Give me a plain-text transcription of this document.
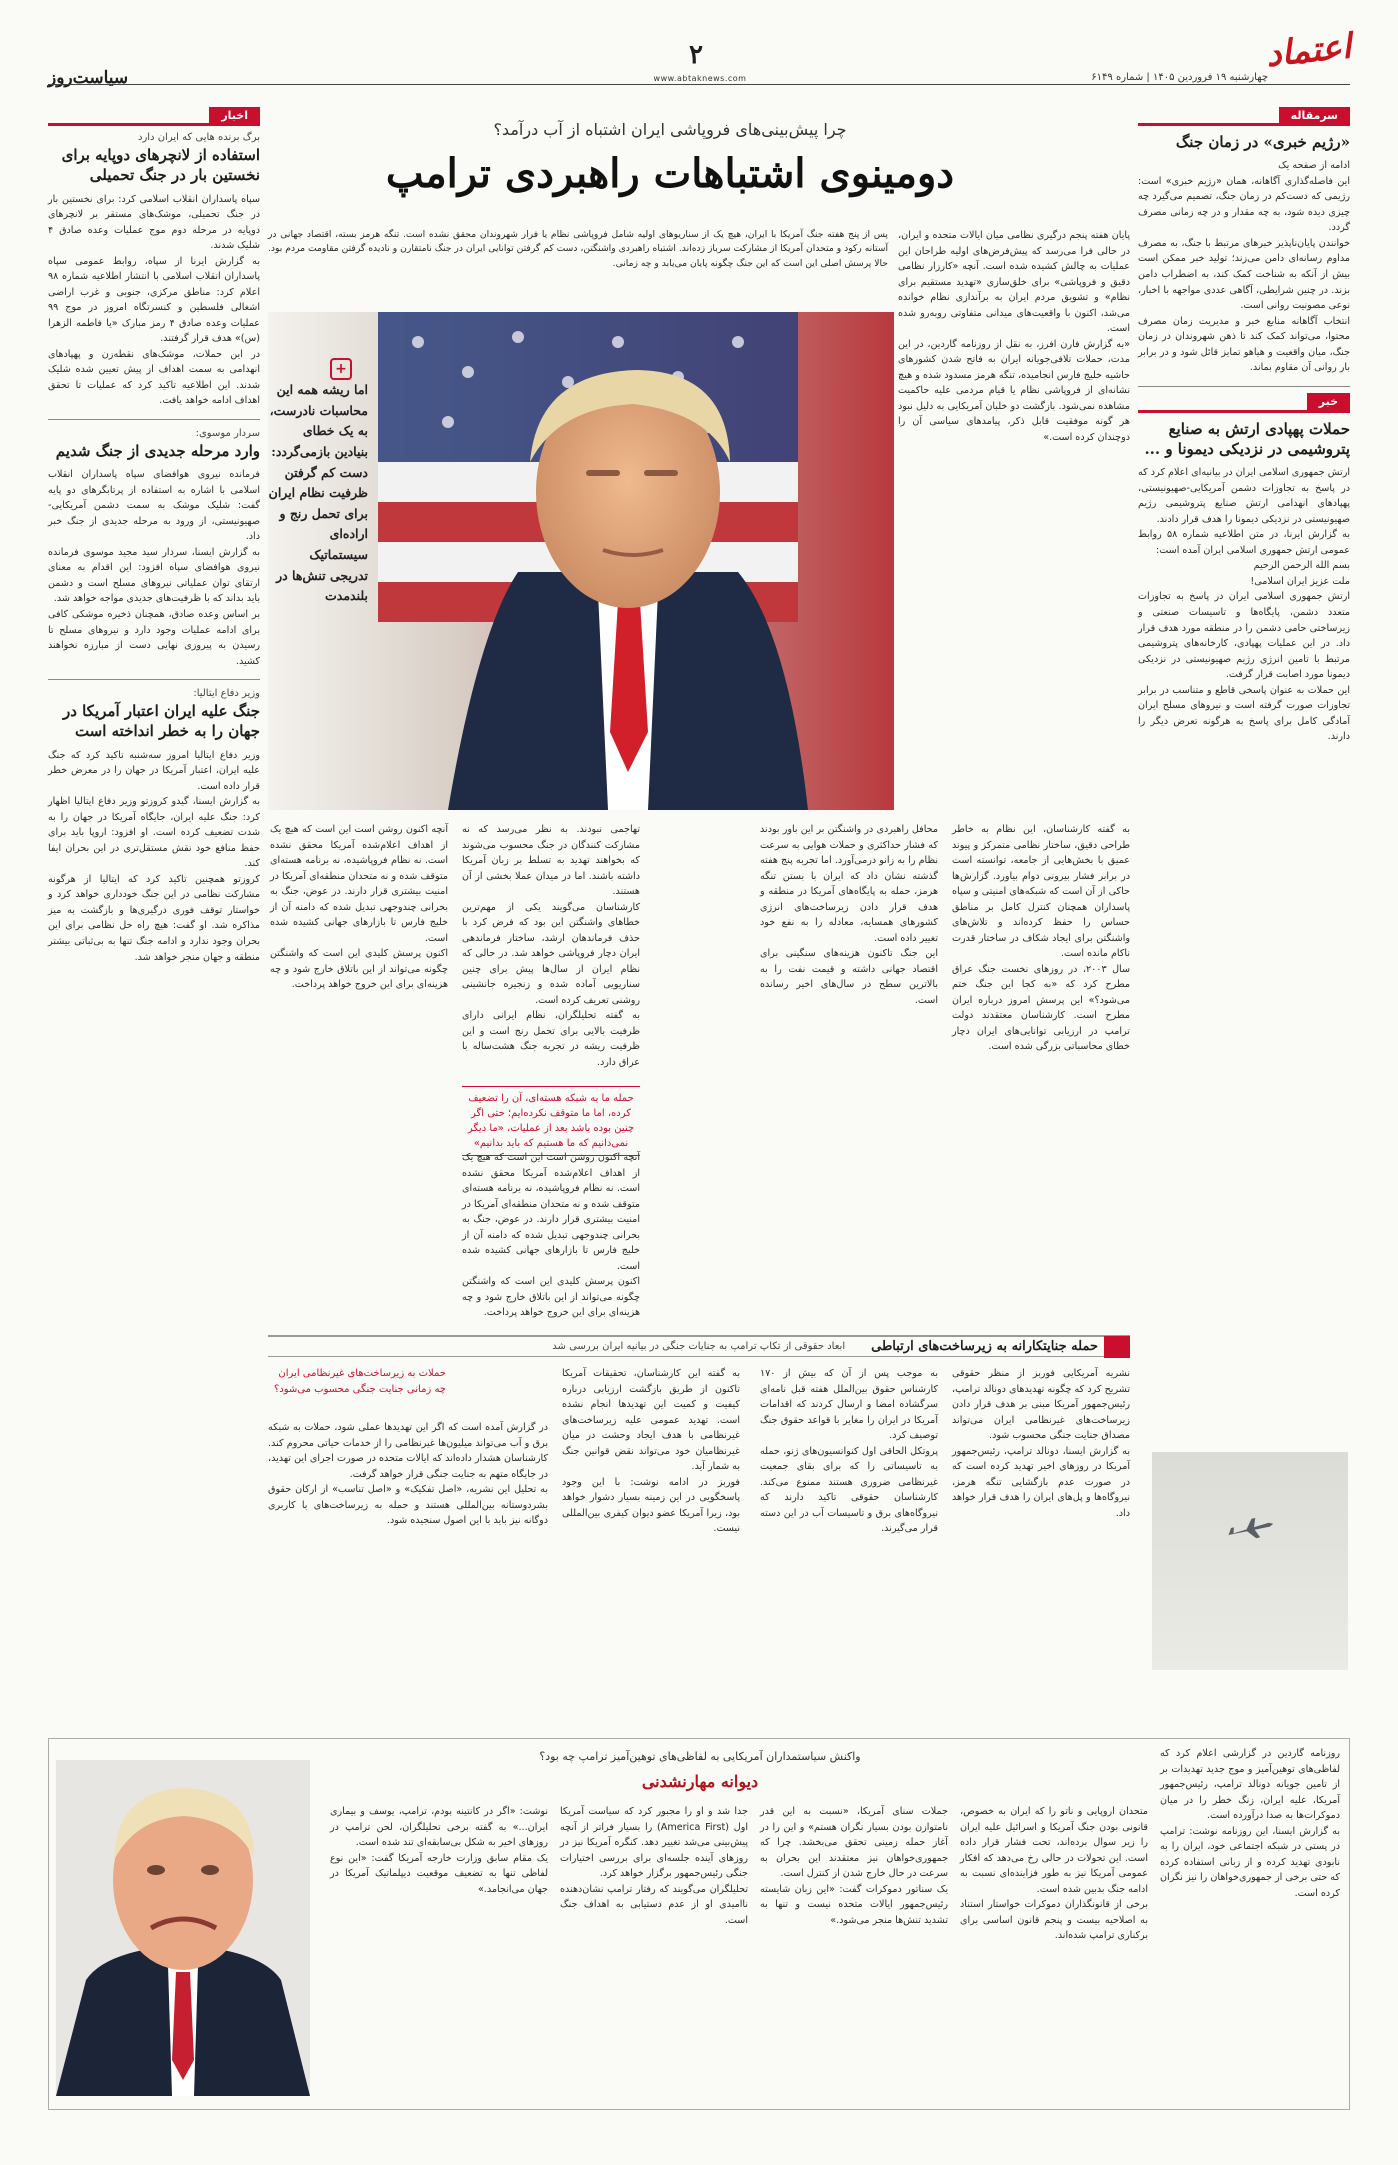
اعتماد
چهارشنبه ۱۹ فروردین ۱۴۰۵ | شماره ۶۱۴۹
۲
www.abtaknews.com
سیاست‌روز
سرمقاله
«رژیم خبری» در زمان جنگ
ادامه از صفحه یک
این فاصله‌گذاری آگاهانه، همان «رژیم خبری» است: رژیمی که دست‌کم در زمان جنگ، تصمیم می‌گیرد چه چیزی دیده شود، به چه مقدار و در چه زمانی مصرف گردد.
خوانندن پایان‌ناپذیر خبرهای مرتبط با جنگ، به مصرف مداوم رسانه‌ای دامن می‌زند؛ تولید خبر ممکن است بیش از آنکه به شناخت کمک کند، به اضطراب دامن بزند. در چنین شرایطی، آگاهی عددی مواجهه با اخبار، نوعی مصونیت روانی است.
انتخاب آگاهانه منابع خبر و مدیریت زمان مصرف محتوا، می‌تواند کمک کند تا ذهن شهروندان در زمان جنگ، میان واقعیت و هیاهو تمایز قائل شود و در برابر بار روانی آن مقاوم بماند.
خبر
حملات پهپادی ارتش به صنایع پتروشیمی در نزدیکی دیمونا و ...
ارتش جمهوری اسلامی ایران در بیانیه‌ای اعلام کرد که در پاسخ به تجاوزات دشمن آمریکایی-صهیونیستی، پهپادهای انهدامی ارتش صنایع پتروشیمی رژیم صهیونیستی در نزدیکی دیمونا را هدف قرار دادند.
به گزارش ایرنا، در متن اطلاعیه شماره ۵۸ روابط عمومی ارتش جمهوری اسلامی ایران آمده است:
بسم الله الرحمن الرحیم
ملت عزیز ایران اسلامی!
ارتش جمهوری اسلامی ایران در پاسخ به تجاوزات متعدد دشمن، پایگاه‌ها و تاسیسات صنعتی و زیرساختی حامی دشمن را در منطقه مورد هدف قرار داد. در این عملیات پهپادی، کارخانه‌های پتروشیمی مرتبط با تامین انرژی رژیم صهیونیستی در نزدیکی دیمونا مورد اصابت قرار گرفت.
این حملات به عنوان پاسخی قاطع و متناسب در برابر تجاوزات صورت گرفته است و نیروهای مسلح ایران آمادگی کامل برای پاسخ به هرگونه تعرض دیگر را دارند.
اخبار
برگ برنده هایی که ایران دارد
استفاده از لانچرهای دوپایه برای نخستین بار در جنگ تحمیلی
سپاه پاسداران انقلاب اسلامی کرد: برای نخستین بار در جنگ تحمیلی، موشک‌های مستقر بر لانچرهای دوپایه در مرحله دوم موج عملیات وعده صادق ۴ شلیک شدند.
به گزارش ایرنا از سپاه، روابط عمومی سپاه پاسداران انقلاب اسلامی با انتشار اطلاعیه شماره ۹۸ اعلام کرد: مناطق مرکزی، جنوبی و غرب اراضی اشغالی فلسطین و کنسرتگاه امروز در موج ۹۹ عملیات وعده صادق ۴ رمز مبارک «یا فاطمه الزهرا (س)» هدف قرار گرفتند.
در این حملات، موشک‌های نقطه‌زن و پهپادهای انهدامی به سمت اهداف از پیش تعیین شده شلیک شدند. این اطلاعیه تاکید کرد که عملیات تا تحقق اهداف ادامه خواهد یافت.
سردار موسوی:
وارد مرحله جدیدی از جنگ شدیم
فرمانده نیروی هوافضای سپاه پاسداران انقلاب اسلامی با اشاره به استفاده از پرتابگرهای دو پایه گفت: شلیک موشک به سمت دشمن آمریکایی-صهیونیستی، از ورود به مرحله جدیدی از جنگ خبر داد.
به گزارش ایسنا، سردار سید مجید موسوی فرمانده نیروی هوافضای سپاه افزود: این اقدام به معنای ارتقای توان عملیاتی نیروهای مسلح است و دشمن باید بداند که با ظرفیت‌های جدیدی مواجه خواهد شد.
بر اساس وعده صادق، همچنان ذخیره موشکی کافی برای ادامه عملیات وجود دارد و نیروهای مسلح تا رسیدن به پیروزی نهایی دست از مبارزه نخواهند کشید.
وزیر دفاع ایتالیا:
جنگ علیه ایران اعتبار آمریکا در جهان را به خطر انداخته است
وزیر دفاع ایتالیا امروز سه‌شنبه تاکید کرد که جنگ علیه ایران، اعتبار آمریکا در جهان را در معرض خطر قرار داده است.
به گزارش ایسنا، گیدو کروزتو وزیر دفاع ایتالیا اظهار کرد: جنگ علیه ایران، جایگاه آمریکا در جهان را به شدت تضعیف کرده است. او افزود: اروپا باید برای حفظ منافع خود نقش مستقل‌تری در این بحران ایفا کند.
کروزتو همچنین تاکید کرد که ایتالیا از هرگونه مشارکت نظامی در این جنگ خودداری خواهد کرد و خواستار توقف فوری درگیری‌ها و بازگشت به میز مذاکره شد. او گفت: هیچ راه حل نظامی برای این بحران وجود ندارد و ادامه جنگ تنها به بی‌ثباتی بیشتر منطقه و جهان منجر خواهد شد.
چرا پیش‌بینی‌های فروپاشی ایران اشتباه از آب درآمد؟
دومینوی اشتباهات راهبردی ترامپ
پس از پنج هفته جنگ آمریکا با ایران، هیچ یک از سناریوهای اولیه شامل فروپاشی نظام یا فرار شهروندان محقق نشده است. تنگه هرمز بسته، اقتصاد جهانی در آستانه رکود و متحدان آمریکا از مشارکت سرباز زده‌اند. اشتباه راهبردی واشنگتن، دست کم گرفتن توانایی ایران در جنگ نامتقارن و نادیده گرفتن مقاومت مردم بود. حالا پرسش اصلی این است که این جنگ چگونه پایان می‌یابد و چه زمانی.
پایان هفته پنجم درگیری نظامی میان ایالات متحده و ایران، در حالی فرا می‌رسد که پیش‌فرض‌های اولیه طراحان این عملیات به چالش کشیده شده است. آنچه «کارزار نظامی دقیق و فروپاشی» برای خلق‌سازی «تهدید مستقیم برای نظام» و تشویق مردم ایران به برآندازی نظام خوانده می‌شد، اکنون با واقعیت‌های میدانی متفاوتی روبه‌رو شده است.
«به گزارش فارن افرز، به نقل از روزنامه گاردین، در این مدت، حملات تلافی‌جویانه ایران به فاتح شدن کشورهای حاشیه خلیج فارس انجامیده، تنگه هرمز مسدود شده و هیچ نشانه‌ای از فروپاشی نظام یا قیام مردمی علیه حاکمیت مشاهده نمی‌شود. بازگشت دو خلبان آمریکایی به دلیل نبود هر گونه موفقیت قابل ذکر، پیامدهای سیاسی آن را دوچندان کرده است.»
+
اما ریشه همه این محاسبات نادرست، به یک خطای بنیادین بازمی‌گردد: دست کم گرفتن ظرفیت نظام ایران برای تحمل رنج و اراده‌ای سیستماتیک تدریجی تنش‌ها در بلندمدت
به گفته کارشناسان، این نظام به خاطر طراحی دقیق، ساختار نظامی متمرکز و پیوند عمیق با بخش‌هایی از جامعه، توانسته است در برابر فشار بیرونی دوام بیاورد. گزارش‌ها حاکی از آن است که شبکه‌های امنیتی و سپاه پاسداران همچنان کنترل کامل بر مناطق حساس را حفظ کرده‌اند و تلاش‌های واشنگتن برای ایجاد شکاف در ساختار قدرت ناکام مانده است.
سال ۲۰۰۳، در روزهای نخست جنگ عراق مطرح کرد که «به کجا این جنگ ختم می‌شود؟» این پرسش امروز درباره ایران مطرح است. کارشناسان معتقدند دولت ترامپ در ارزیابی توانایی‌های ایران دچار خطای محاسباتی بزرگی شده است.
محافل راهبردی در واشنگتن بر این باور بودند که فشار حداکثری و حملات هوایی به سرعت نظام را به زانو درمی‌آورد. اما تجربه پنج هفته گذشته نشان داد که ایران با بستن تنگه هرمز، حمله به پایگاه‌های آمریکا در منطقه و هدف قرار دادن زیرساخت‌های انرژی کشورهای همسایه، معادله را به نفع خود تغییر داده است.
این جنگ تاکنون هزینه‌های سنگینی برای اقتصاد جهانی داشته و قیمت نفت را به بالاترین سطح در سال‌های اخیر رسانده است.
آنچه اکنون روشن است این است که هیچ یک از اهداف اعلام‌شده آمریکا محقق نشده است. نه نظام فروپاشیده، نه برنامه هسته‌ای متوقف شده و نه متحدان منطقه‌ای آمریکا در امنیت بیشتری قرار دارند. در عوض، جنگ به بحرانی چندوجهی تبدیل شده که دامنه آن از خلیج فارس تا بازارهای جهانی کشیده شده است.
اکنون پرسش کلیدی این است که واشنگتن چگونه می‌تواند از این باتلاق خارج شود و چه هزینه‌ای برای این خروج خواهد پرداخت.
تهاجمی نبودند. به نظر می‌رسد که نه مشارکت کنندگان در جنگ محسوب می‌شوند که بخواهند تهدید به تسلط بر زبان آمریکا داشته باشند. اما در میدان عملا بخشی از آن هستند.
کارشناسان می‌گویند یکی از مهم‌ترین خطاهای واشنگتن این بود که فرض کرد با حذف فرماندهان ارشد، ساختار فرماندهی ایران دچار فروپاشی خواهد شد. در حالی که نظام ایران از سال‌ها پیش برای چنین سناریویی آماده شده و زنجیره جانشینی روشنی تعریف کرده است.
به گفته تحلیلگران، نظام ایرانی دارای ظرفیت بالایی برای تحمل رنج است و این ظرفیت ریشه در تجربه جنگ هشت‌ساله با عراق دارد.
آنچه اکنون روشن است این است که هیچ یک از اهداف اعلام‌شده آمریکا محقق نشده است. نه نظام فروپاشیده، نه برنامه هسته‌ای متوقف شده و نه متحدان منطقه‌ای آمریکا در امنیت بیشتری قرار دارند. در عوض، جنگ به بحرانی چندوجهی تبدیل شده که دامنه آن از خلیج فارس تا بازارهای جهانی کشیده شده است.
اکنون پرسش کلیدی این است که واشنگتن چگونه می‌تواند از این باتلاق خارج شود و چه هزینه‌ای برای این خروج خواهد پرداخت.
حمله ما به شبکه هسته‌ای، آن را تضعیف کرده، اما ما متوقف نکرده‌ایم؛ حتی اگر چنین بوده باشد بعد از عملیات، «ما دیگر نمی‌دانیم که ما هستیم که باید بدانیم»
حمله جنایتکارانه به زیرساخت‌های ارتباطی
ابعاد حقوقی از تکاپ ترامپ به جنایات جنگی در بیانیه ایران بررسی شد
حملات به زیرساخت‌های غیرنظامی ایران چه زمانی جنایت جنگی محسوب می‌شود؟
نشریه آمریکایی فوربز از منظر حقوقی تشریح کرد که چگونه تهدیدهای دونالد ترامپ، رئیس‌جمهور آمریکا مبنی بر هدف قرار دادن زیرساخت‌های غیرنظامی ایران می‌تواند مصداق جنایت جنگی محسوب شود.
به گزارش ایسنا، دونالد ترامپ، رئیس‌جمهور آمریکا در روزهای اخیر تهدید کرده است که در صورت عدم بازگشایی تنگه هرمز، نیروگاه‌ها و پل‌های ایران را هدف قرار خواهد داد.
به موجب پس از آن که بیش از ۱۷۰ کارشناس حقوق بین‌الملل هفته قبل نامه‌ای سرگشاده امضا و ارسال کردند که اقدامات آمریکا در ایران را مغایر با قواعد حقوق جنگ توصیف کرد.
پروتکل الحاقی اول کنوانسیون‌های ژنو، حمله به تاسیساتی را که برای بقای جمعیت غیرنظامی ضروری هستند ممنوع می‌کند. کارشناسان حقوقی تاکید دارند که نیروگاه‌های برق و تاسیسات آب در این دسته قرار می‌گیرند.
به گفته این کارشناسان، تحقیقات آمریکا تاکنون از طریق بازگشت ارزیابی درباره کیفیت و کمیت این تهدیدها انجام نشده است. تهدید عمومی علیه زیرساخت‌های غیرنظامی با هدف ایجاد وحشت در میان غیرنظامیان خود می‌تواند نقض قوانین جنگ به شمار آید.
فوربز در ادامه نوشت: با این وجود پاسخگویی در این زمینه بسیار دشوار خواهد بود، زیرا آمریکا عضو دیوان کیفری بین‌المللی نیست.
در گزارش آمده است که اگر این تهدیدها عملی شود، حملات به شبکه برق و آب می‌تواند میلیون‌ها غیرنظامی را از خدمات حیاتی محروم کند. کارشناسان هشدار داده‌اند که ایالات متحده در صورت اجرای این تهدید، در جایگاه متهم به جنایت جنگی قرار خواهد گرفت.
به تحلیل این نشریه، «اصل تفکیک» و «اصل تناسب» از ارکان حقوق بشردوستانه بین‌المللی هستند و حمله به زیرساخت‌های با کاربری دوگانه نیز باید با این اصول سنجیده شود.
واکنش سیاستمداران آمریکایی به لفاظی‌های توهین‌آمیز ترامپ چه بود؟
دیوانه مهارنشدنی
روزنامه گاردین در گزارشی اعلام کرد که لفاظی‌های توهین‌آمیز و موج جدید تهدیدات بر از تامین جویانه دونالد ترامپ، رئیس‌جمهور آمریکا، علیه ایران، زنگ خطر را در میان دموکرات‌ها به صدا درآورده است.
به گزارش ایسنا، این روزنامه نوشت: ترامپ در پستی در شبکه اجتماعی خود، ایران را به نابودی تهدید کرده و از زبانی استفاده کرده که حتی برخی از جمهوری‌خواهان را نیز نگران کرده است.
متحدان اروپایی و ناتو را که ایران به خصوص، قانونی بودن جنگ آمریکا و اسرائیل علیه ایران را زیر سوال برده‌اند، تحت فشار قرار داده است. این تحولات در حالی رخ می‌دهد که افکار عمومی آمریکا نیز به طور فزاینده‌ای نسبت به ادامه جنگ بدبین شده است.
برخی از قانونگذاران دموکرات خواستار استناد به اصلاحیه بیست و پنجم قانون اساسی برای برکناری ترامپ شده‌اند.
جملات سنای آمریکا، «نسبت به این قدر نامتوازن بودن بسیار نگران هستم» و این را در آغاز حمله زمینی تحقق می‌بخشد. چرا که جمهوری‌خواهان نیز معتقدند این بحران به سرعت در حال خارج شدن از کنترل است.
یک سناتور دموکرات گفت: «این زبان شایسته رئیس‌جمهور ایالات متحده نیست و تنها به تشدید تنش‌ها منجر می‌شود.»
جدا شد و او را مجبور کرد که سیاست آمریکا اول (America First) را بسیار فراتر از آنچه پیش‌بینی می‌شد تغییر دهد. کنگره آمریکا نیز در روزهای آینده جلسه‌ای برای بررسی اختیارات جنگی رئیس‌جمهور برگزار خواهد کرد.
تحلیلگران می‌گویند که رفتار ترامپ نشان‌دهنده ناامیدی او از عدم دستیابی به اهداف جنگ است.
نوشت: «اگر در کانتینه بودم، ترامپ، یوسف و بیماری ایران...» به گفته برخی تحلیلگران، لحن ترامپ در روزهای اخیر به شکل بی‌سابقه‌ای تند شده است.
یک مقام سابق وزارت خارجه آمریکا گفت: «این نوع لفاظی تنها به تضعیف موقعیت دیپلماتیک آمریکا در جهان می‌انجامد.»
